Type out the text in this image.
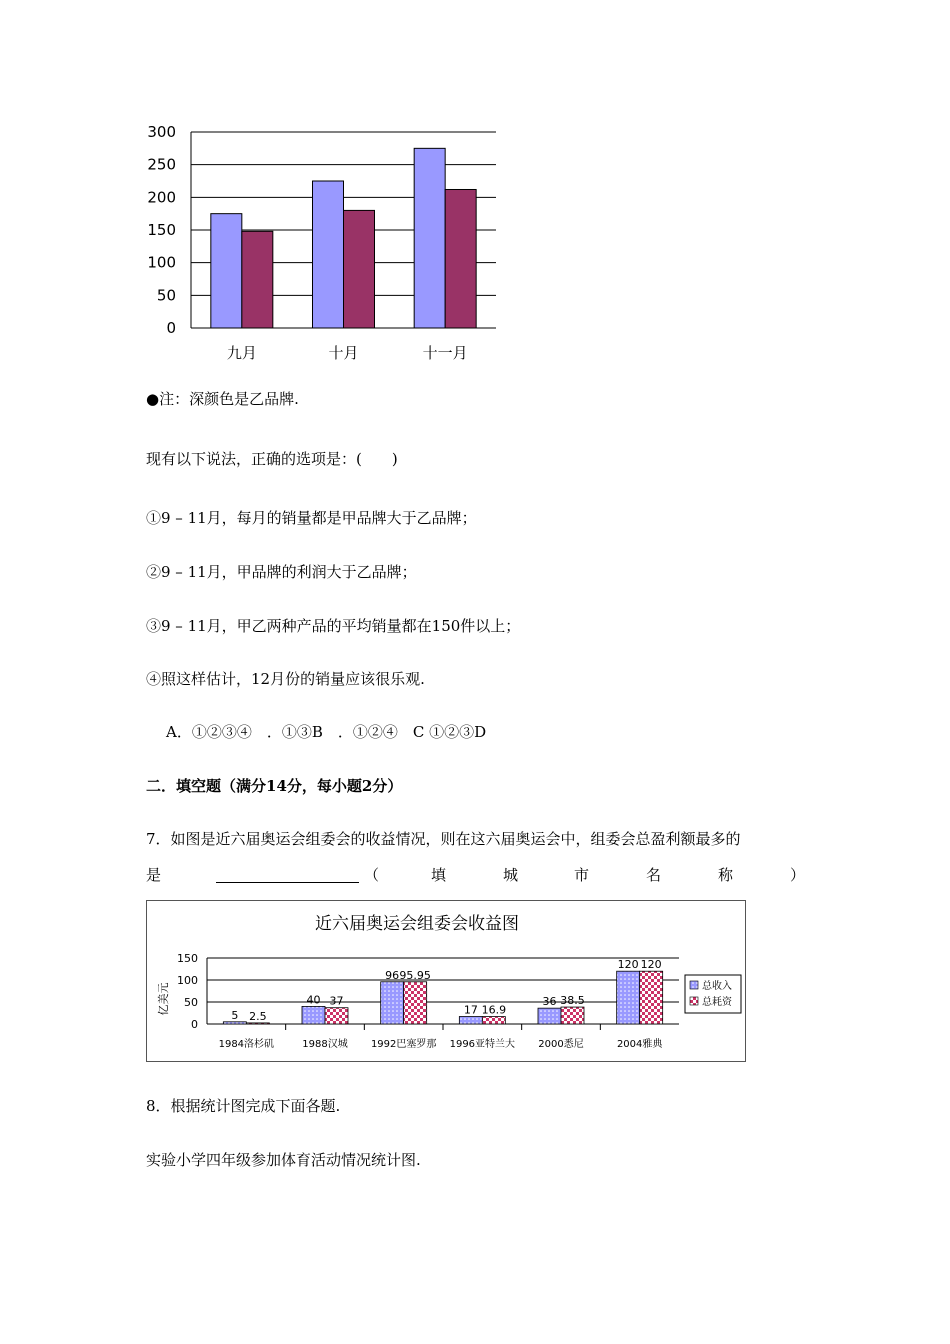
0
50
100
150
200
250
300
九月	十月	十一月
●注：深颜色是乙品牌.
现有以下说法，正确的选项是：(　　)
①9 – 11月，每月的销量都是甲品牌大于乙品牌；
②9 – 11月，甲品牌的利润大于乙品牌；
③9 – 11月，甲乙两种产品的平均销量都在150件以上；
④照这样估计，12月份的销量应该很乐观.
A．①②③④　．①③B　．①②④　C ①②③D
二．填空题（满分14分，每小题2分）
7．如图是近六届奥运会组委会的收益情况，则在这六届奥运会中，组委会总盈利额最多的
是	（	填	城	市	名	称	）
近六届奥运会组委会收益图
亿美元
0
50
100
150
5 2.5
40 37
96 95.95
17 16.9
36 38.5
120 120
1984洛杉矶	1988汉城 1992巴塞罗那 1996亚特兰大 2000悉尼	2004雅典
总收入
总耗资
8．根据统计图完成下面各题.
实验小学四年级参加体育活动情况统计图.
